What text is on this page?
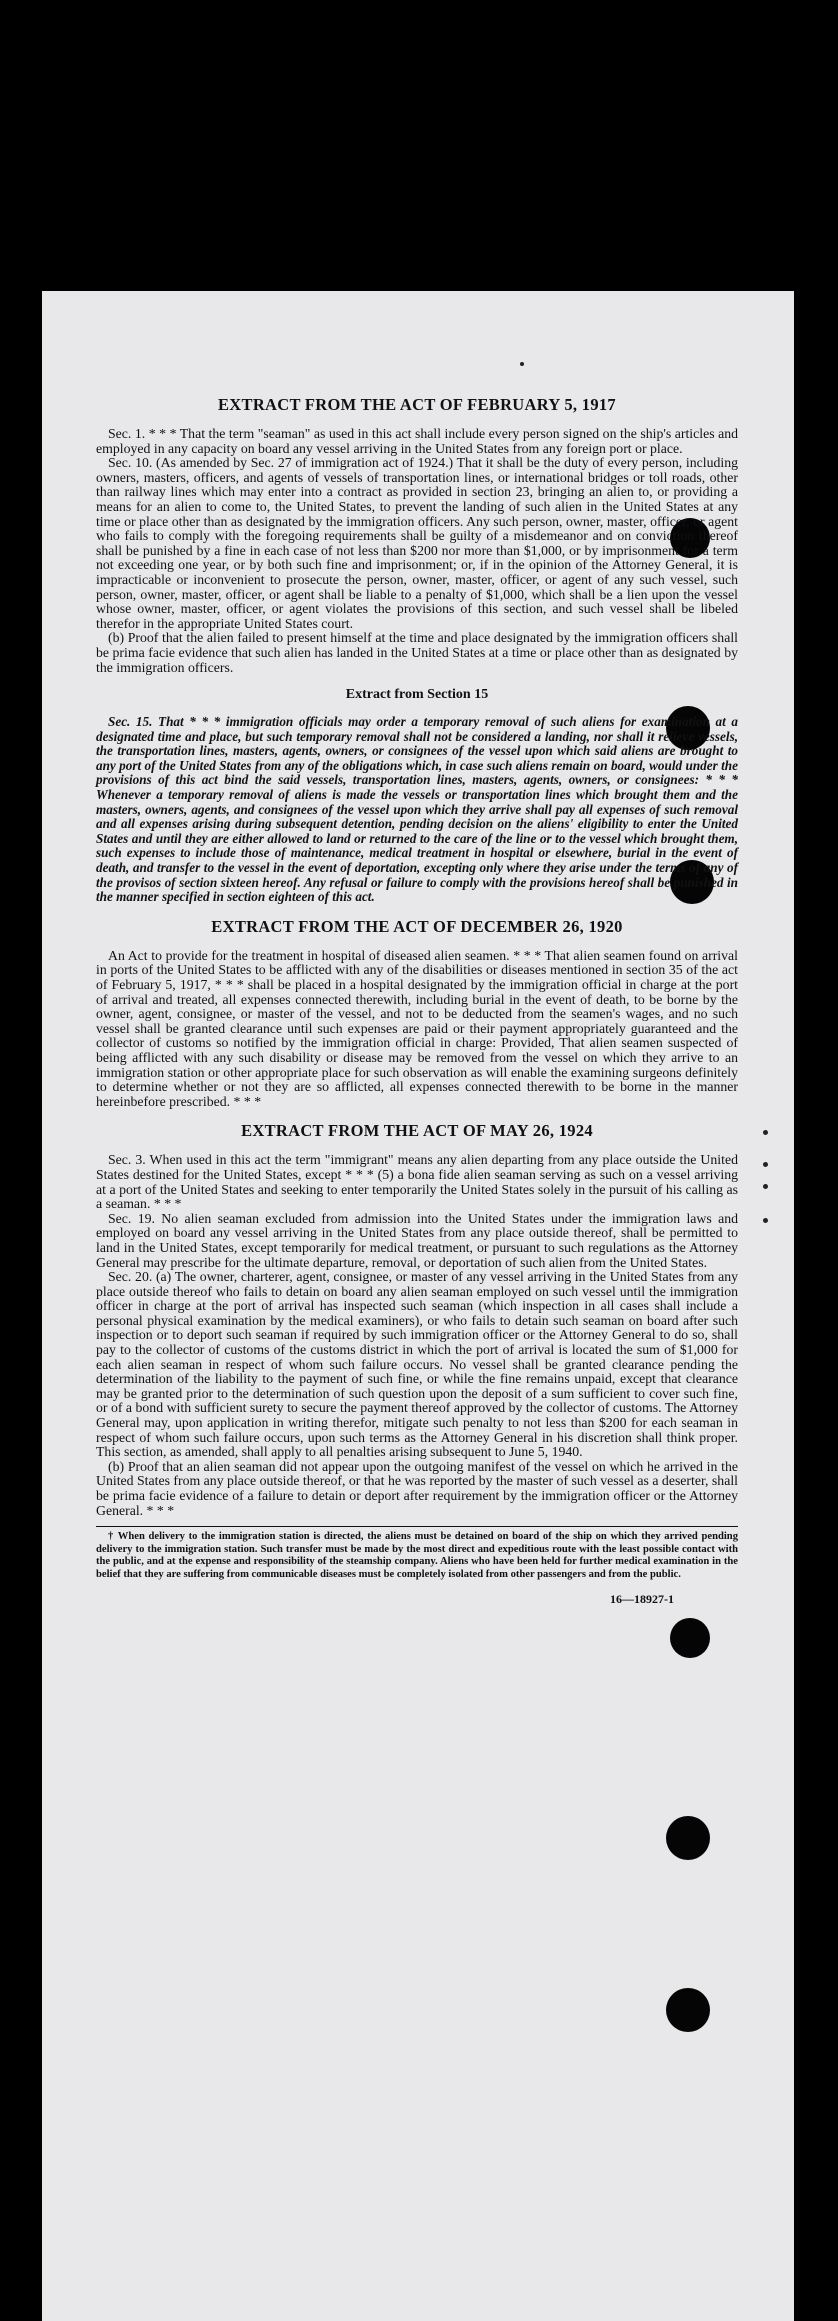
EXTRACT FROM THE ACT OF FEBRUARY 5, 1917

Sec. 1. * * * That the term "seaman" as used in this act shall include every person signed on the ship's articles and employed in any capacity on board any vessel arriving in the United States from any foreign port or place.

Sec. 10. (As amended by Sec. 27 of immigration act of 1924.) That it shall be the duty of every person, including owners, masters, officers, and agents of vessels of transportation lines, or international bridges or toll roads, other than railway lines which may enter into a contract as provided in section 23, bringing an alien to, or providing a means for an alien to come to, the United States, to prevent the landing of such alien in the United States at any time or place other than as designated by the immigration officers. Any such person, owner, master, officer, or agent who fails to comply with the foregoing requirements shall be guilty of a misdemeanor and on conviction thereof shall be punished by a fine in each case of not less than $200 nor more than $1,000, or by imprisonment for a term not exceeding one year, or by both such fine and imprisonment; or, if in the opinion of the Attorney General, it is impracticable or inconvenient to prosecute the person, owner, master, officer, or agent of any such vessel, such person, owner, master, officer, or agent shall be liable to a penalty of $1,000, which shall be a lien upon the vessel whose owner, master, officer, or agent violates the provisions of this section, and such vessel shall be libeled therefor in the appropriate United States court.

(b) Proof that the alien failed to present himself at the time and place designated by the immigration officers shall be prima facie evidence that such alien has landed in the United States at a time or place other than as designated by the immigration officers.

Extract from Section 15

Sec. 15. That * * * immigration officials may order a temporary removal of such aliens for examination at a designated time and place, but such temporary removal shall not be considered a landing, nor shall it relieve vessels, the transportation lines, masters, agents, owners, or consignees of the vessel upon which said aliens are brought to any port of the United States from any of the obligations which, in case such aliens remain on board, would under the provisions of this act bind the said vessels, transportation lines, masters, agents, owners, or consignees: * * * Whenever a temporary removal of aliens is made the vessels or transportation lines which brought them and the masters, owners, agents, and consignees of the vessel upon which they arrive shall pay all expenses of such removal and all expenses arising during subsequent detention, pending decision on the aliens' eligibility to enter the United States and until they are either allowed to land or returned to the care of the line or to the vessel which brought them, such expenses to include those of maintenance, medical treatment in hospital or elsewhere, burial in the event of death, and transfer to the vessel in the event of deportation, excepting only where they arise under the terms of any of the provisos of section sixteen hereof. Any refusal or failure to comply with the provisions hereof shall be punished in the manner specified in section eighteen of this act.

EXTRACT FROM THE ACT OF DECEMBER 26, 1920

An Act to provide for the treatment in hospital of diseased alien seamen. * * * That alien seamen found on arrival in ports of the United States to be afflicted with any of the disabilities or diseases mentioned in section 35 of the act of February 5, 1917, * * * shall be placed in a hospital designated by the immigration official in charge at the port of arrival and treated, all expenses connected therewith, including burial in the event of death, to be borne by the owner, agent, consignee, or master of the vessel, and not to be deducted from the seamen's wages, and no such vessel shall be granted clearance until such expenses are paid or their payment appropriately guaranteed and the collector of customs so notified by the immigration official in charge: Provided, That alien seamen suspected of being afflicted with any such disability or disease may be removed from the vessel on which they arrive to an immigration station or other appropriate place for such observation as will enable the examining surgeons definitely to determine whether or not they are so afflicted, all expenses connected therewith to be borne in the manner hereinbefore prescribed. * * *

EXTRACT FROM THE ACT OF MAY 26, 1924

Sec. 3. When used in this act the term "immigrant" means any alien departing from any place outside the United States destined for the United States, except * * * (5) a bona fide alien seaman serving as such on a vessel arriving at a port of the United States and seeking to enter temporarily the United States solely in the pursuit of his calling as a seaman. * * *

Sec. 19. No alien seaman excluded from admission into the United States under the immigration laws and employed on board any vessel arriving in the United States from any place outside thereof, shall be permitted to land in the United States, except temporarily for medical treatment, or pursuant to such regulations as the Attorney General may prescribe for the ultimate departure, removal, or deportation of such alien from the United States.

Sec. 20. (a) The owner, charterer, agent, consignee, or master of any vessel arriving in the United States from any place outside thereof who fails to detain on board any alien seaman employed on such vessel until the immigration officer in charge at the port of arrival has inspected such seaman (which inspection in all cases shall include a personal physical examination by the medical examiners), or who fails to detain such seaman on board after such inspection or to deport such seaman if required by such immigration officer or the Attorney General to do so, shall pay to the collector of customs of the customs district in which the port of arrival is located the sum of $1,000 for each alien seaman in respect of whom such failure occurs. No vessel shall be granted clearance pending the determination of the liability to the payment of such fine, or while the fine remains unpaid, except that clearance may be granted prior to the determination of such question upon the deposit of a sum sufficient to cover such fine, or of a bond with sufficient surety to secure the payment thereof approved by the collector of customs. The Attorney General may, upon application in writing therefor, mitigate such penalty to not less than $200 for each seaman in respect of whom such failure occurs, upon such terms as the Attorney General in his discretion shall think proper. This section, as amended, shall apply to all penalties arising subsequent to June 5, 1940.

(b) Proof that an alien seaman did not appear upon the outgoing manifest of the vessel on which he arrived in the United States from any place outside thereof, or that he was reported by the master of such vessel as a deserter, shall be prima facie evidence of a failure to detain or deport after requirement by the immigration officer or the Attorney General. * * *

† When delivery to the immigration station is directed, the aliens must be detained on board of the ship on which they arrived pending delivery to the immigration station. Such transfer must be made by the most direct and expeditious route with the least possible contact with the public, and at the expense and responsibility of the steamship company. Aliens who have been held for further medical examination in the belief that they are suffering from communicable diseases must be completely isolated from other passengers and from the public.

16—18927-1
